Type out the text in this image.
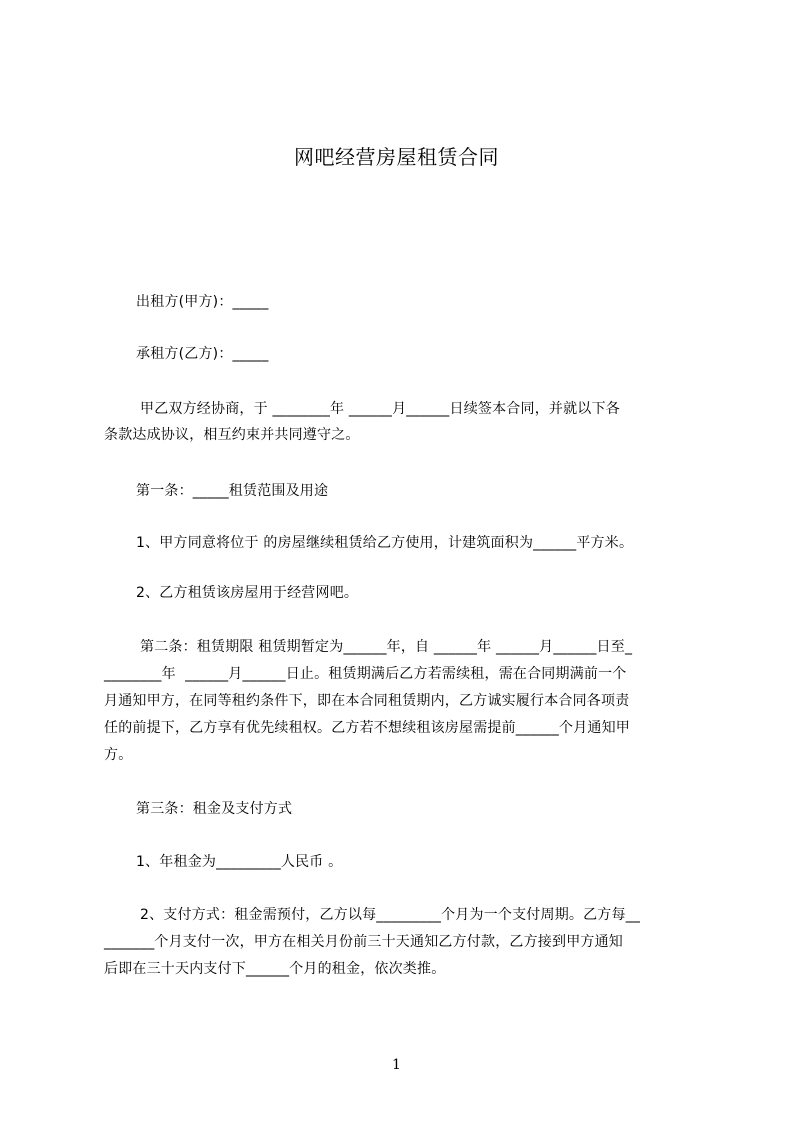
网吧经营房屋租赁合同
出租方(甲方)：_____
承租方(乙方)：_____
甲乙双方经协商，于 ________年 ______月______日续签本合同，并就以下各
条款达成协议，相互约束并共同遵守之。
第一条：_____租赁范围及用途
1、甲方同意将位于 的房屋继续租赁给乙方使用，计建筑面积为______平方米。
2、乙方租赁该房屋用于经营网吧。
第二条：租赁期限 租赁期暂定为______年，自 ______年 ______月______日至_
________年  ______月______日止。租赁期满后乙方若需续租，需在合同期满前一个
月通知甲方，在同等租约条件下，即在本合同租赁期内，乙方诚实履行本合同各项责
任的前提下，乙方享有优先续租权。乙方若不想续租该房屋需提前______个月通知甲
方。
第三条：租金及支付方式
1、年租金为_________人民币 。
2、支付方式：租金需预付，乙方以每_________个月为一个支付周期。乙方每__
_______个月支付一次，甲方在相关月份前三十天通知乙方付款，乙方接到甲方通知
后即在三十天内支付下______个月的租金，依次类推。
1
